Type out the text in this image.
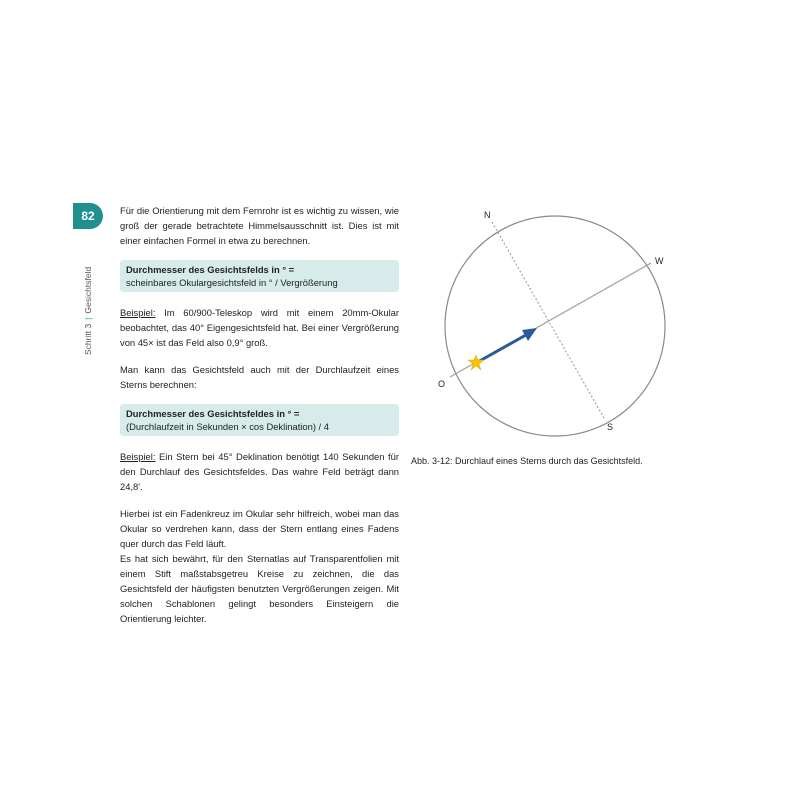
82
Schritt 3|Gesichtsfeld

Für die Orientierung mit dem Fernrohr ist es wichtig zu wissen, wie groß der gerade betrachtete Himmelsausschnitt ist. Dies ist mit einer einfachen Formel in etwa zu berechnen.

Durchmesser des Gesichtsfelds in ° =
scheinbares Okulargesichtsfeld in ° / Vergrößerung

Beispiel: Im 60/900-Teleskop wird mit einem 20mm-Okular beobachtet, das 40° Eigengesichtsfeld hat. Bei einer Vergrößerung von 45× ist das Feld also 0,9° groß.

Man kann das Gesichtsfeld auch mit der Durchlaufzeit eines Sterns berechnen:

Durchmesser des Gesichtsfeldes in ° =
(Durchlaufzeit in Sekunden × cos Deklination) / 4

Beispiel: Ein Stern bei 45° Deklination benötigt 140 Sekunden für den Durchlauf des Gesichtsfeldes. Das wahre Feld beträgt dann 24,8'.

Hierbei ist ein Fadenkreuz im Okular sehr hilfreich, wobei man das Okular so verdrehen kann, dass der Stern entlang eines Fadens quer durch das Feld läuft.

Es hat sich bewährt, für den Sternatlas auf Transparentfolien mit einem Stift maßstabsgetreu Kreise zu zeichnen, die das Gesichtsfeld der häufigsten benutzten Vergrößerungen zeigen. Mit solchen Schablonen gelingt besonders Einsteigern die Orientierung leichter.

N
W
O
S
Abb. 3-12: Durchlauf eines Sterns durch das Gesichtsfeld.
